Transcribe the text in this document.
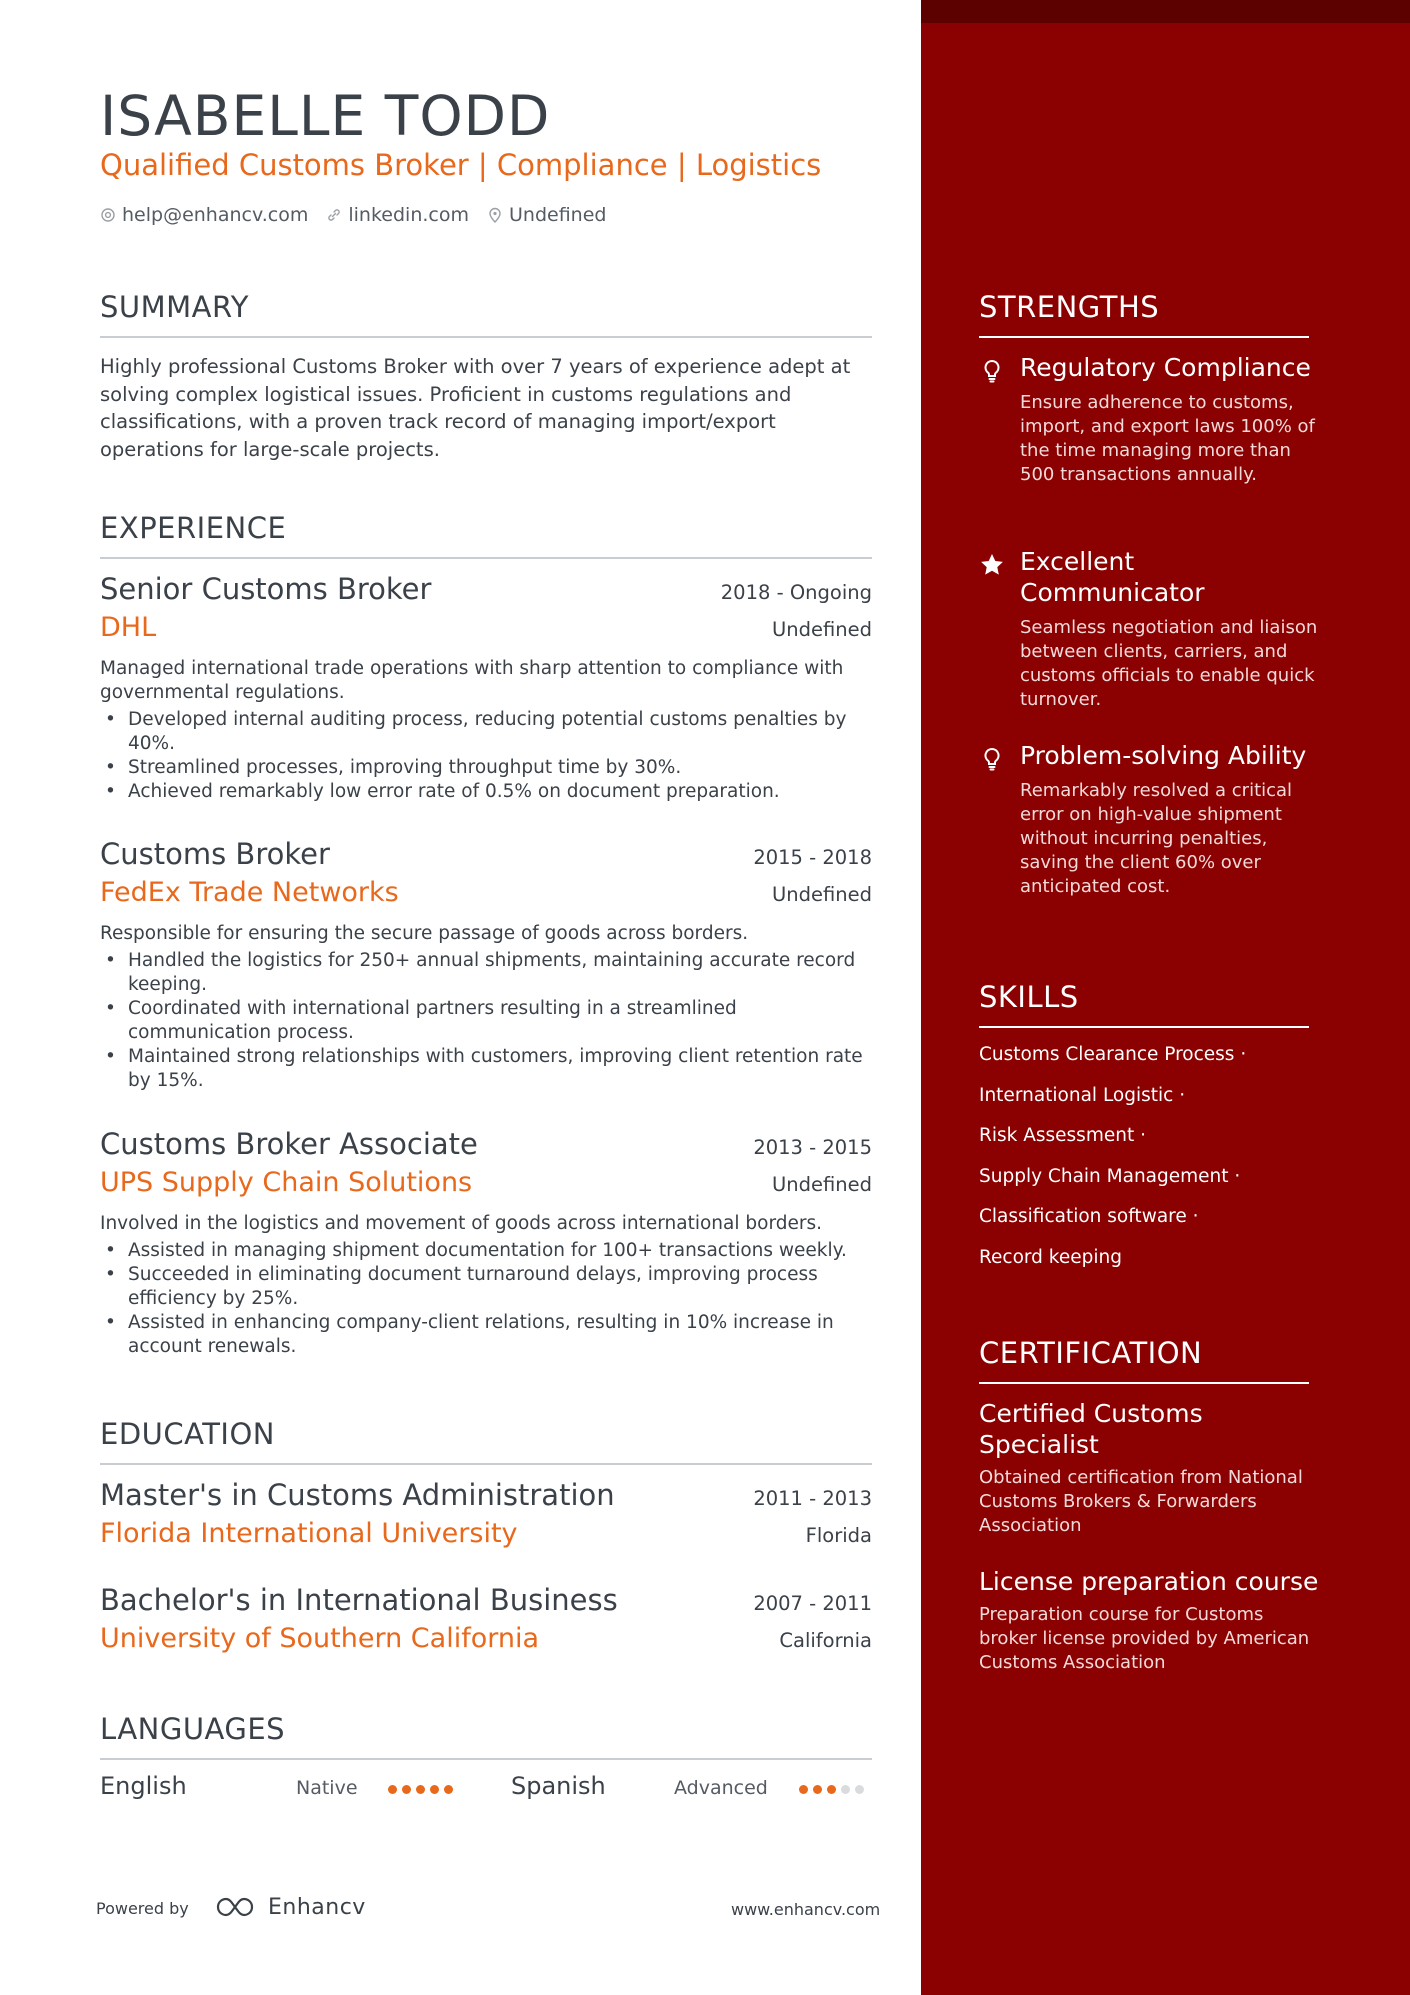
ISABELLE TODD
Qualified Customs Broker | Compliance | Logistics
help@enhancv.com linkedin.com Undefined
SUMMARY
Highly professional Customs Broker with over 7 years of experience adept at solving complex logistical issues. Proficient in customs regulations and classifications, with a proven track record of managing import/export operations for large-scale projects.
EXPERIENCE
Senior Customs Broker	2018 - Ongoing
DHL	Undefined
Managed international trade operations with sharp attention to compliance with governmental regulations.
• Developed internal auditing process, reducing potential customs penalties by 40%.
• Streamlined processes, improving throughput time by 30%.
• Achieved remarkably low error rate of 0.5% on document preparation.
Customs Broker	2015 - 2018
FedEx Trade Networks	Undefined
Responsible for ensuring the secure passage of goods across borders.
• Handled the logistics for 250+ annual shipments, maintaining accurate record keeping.
• Coordinated with international partners resulting in a streamlined communication process.
• Maintained strong relationships with customers, improving client retention rate by 15%.
Customs Broker Associate	2013 - 2015
UPS Supply Chain Solutions	Undefined
Involved in the logistics and movement of goods across international borders.
• Assisted in managing shipment documentation for 100+ transactions weekly.
• Succeeded in eliminating document turnaround delays, improving process efficiency by 25%.
• Assisted in enhancing company-client relations, resulting in 10% increase in account renewals.
EDUCATION
Master's in Customs Administration	2011 - 2013
Florida International University	Florida
Bachelor's in International Business	2007 - 2011
University of Southern California	California
LANGUAGES
English	Native	Spanish	Advanced
Powered by	Enhancv	www.enhancv.com
STRENGTHS
Regulatory Compliance
Ensure adherence to customs, import, and export laws 100% of the time managing more than 500 transactions annually.
Excellent Communicator
Seamless negotiation and liaison between clients, carriers, and customs officials to enable quick turnover.
Problem-solving Ability
Remarkably resolved a critical error on high-value shipment without incurring penalties, saving the client 60% over anticipated cost.
SKILLS
Customs Clearance Process ·
International Logistic ·
Risk Assessment ·
Supply Chain Management ·
Classification software ·
Record keeping
CERTIFICATION
Certified Customs Specialist
Obtained certification from National Customs Brokers & Forwarders Association
License preparation course
Preparation course for Customs broker license provided by American Customs Association
